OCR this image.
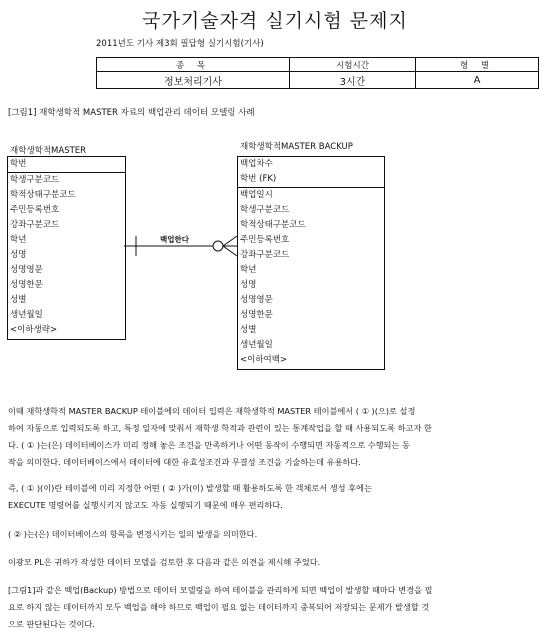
국가기술자격 실기시험 문제지
2011년도 기사 제3회 필답형 실기시험(기사)
종 목	시험시간	형 별
정보처리기사	3시간	A
[그림1] 재학생학적 MASTER 자료의 백업관리 데이터 모델링 사례
재학생학적MASTER
학번
학생구분코드
학적상태구분코드
주민등록번호
강좌구분코드
학년
성명
성명영문
성명한문
성별
생년월일
<이하생략>
재학생학적MASTER BACKUP
백업차수
학번 (FK)
백업일시
학생구분코드
학적상태구분코드
주민등록번호
강좌구분코드
학년
성명
성명영문
성명한문
성별
생년월일
<이하여백>
백업한다
이때 재학생학적 MASTER BACKUP 테이블에의 데이터 입력은 재학생학적 MASTER 테이블에서 ( ① )(으)로 설정
하여 자동으로 입력되도록 하고, 특정 일자에 맞춰서 재학생 학적과 관련이 있는 통계작업을 할 때 사용되도록 하고자 한
다. ( ① )는(은) 데이터베이스가 미리 정해 놓은 조건을 만족하거나 어떤 동작이 수행되면 자동적으로 수행되는 동
작을 의미한다. 데이터베이스에서 데이터에 대한 유효성조건과 무결성 조건을 기술하는데 유용하다.
즉, ( ① )(이)란 테이블에 미리 지정한 어떤 ( ② )가(이) 발생할 때 활용하도록 한 객체로서 생성 후에는
EXECUTE 명령어를 실행시키지 않고도 자동 실행되기 때문에 매우 편리하다.
( ② )는(은) 데이터베이스의 항목을 변경시키는 일의 발생을 의미한다.
이광모 PL은 귀하가 작성한 데이터 모델을 검토한 후 다음과 같은 의견을 제시해 주었다.
[그림1]과 같은 백업(Backup) 방법으로 데이터 모델링을 하여 테이블을 관리하게 되면 백업이 발생할 때마다 변경을 필
요로 하지 않는 데이터까지 모두 백업을 해야 하므로 백업이 필요 없는 데이터까지 중복되어 저장되는 문제가 발생할 것
으로 판단된다는 것이다.
